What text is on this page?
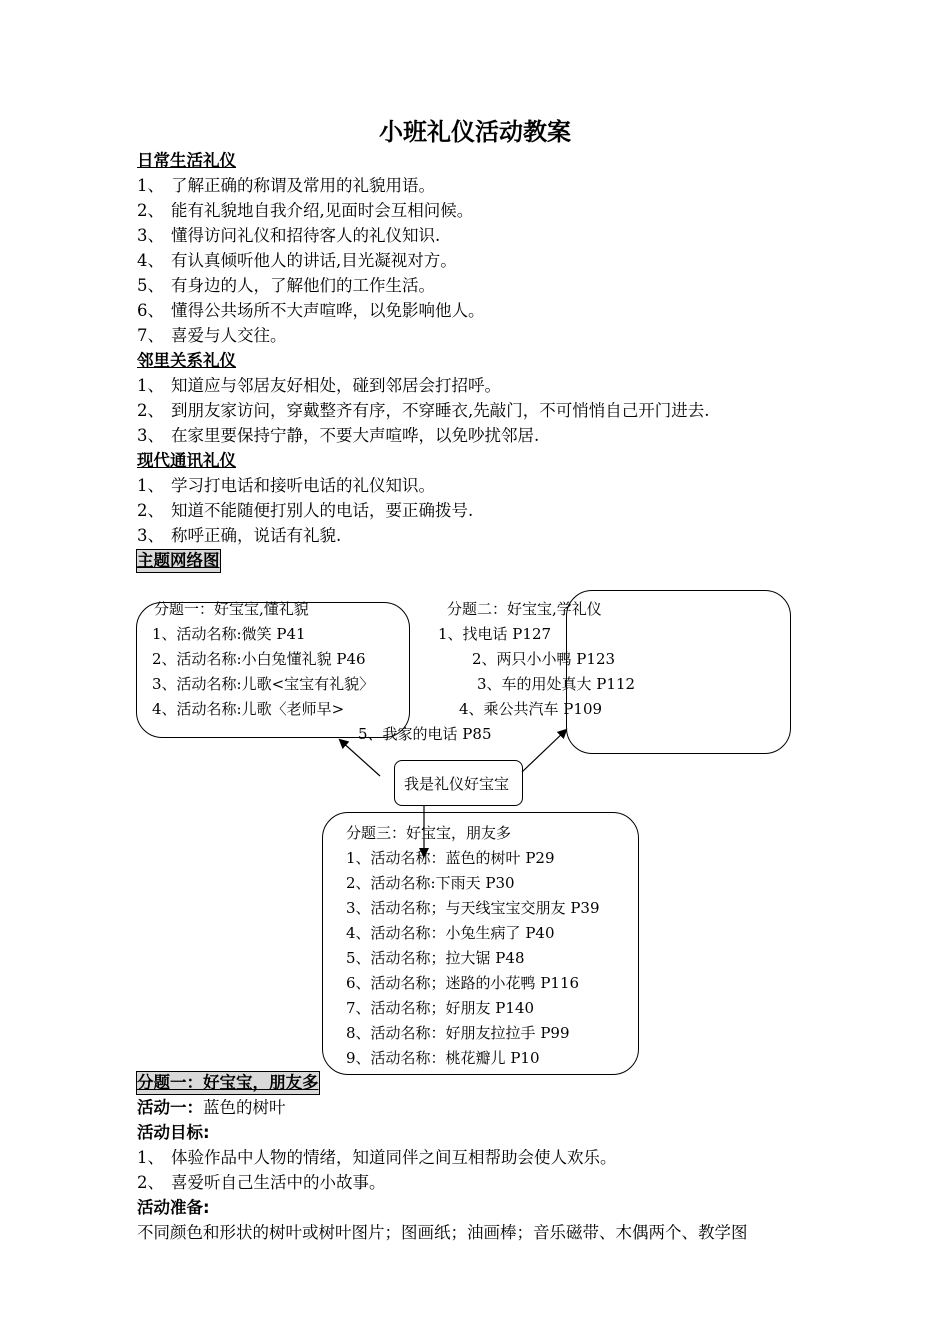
小班礼仪活动教案
日常生活礼仪
1、 了解正确的称谓及常用的礼貌用语。
2、 能有礼貌地自我介绍,见面时会互相问候。
3、 懂得访问礼仪和招待客人的礼仪知识.
4、 有认真倾听他人的讲话,目光凝视对方。
5、 有身边的人，了解他们的工作生活。
6、 懂得公共场所不大声喧哗，以免影响他人。
7、 喜爱与人交往。
邻里关系礼仪
1、 知道应与邻居友好相处，碰到邻居会打招呼。
2、 到朋友家访问，穿戴整齐有序，不穿睡衣,先敲门，不可悄悄自己开门进去.
3、 在家里要保持宁静，不要大声喧哗，以免吵扰邻居.
现代通讯礼仪
1、 学习打电话和接听电话的礼仪知识。
2、 知道不能随便打别人的电话，要正确拨号.
3、 称呼正确，说话有礼貌.
主题网络图
分题一：好宝宝,懂礼貌
1、活动名称:微笑 P41
2、活动名称:小白兔懂礼貌 P46
3、活动名称:儿歌<宝宝有礼貌〉
4、活动名称:儿歌〈老师早>
分题二：好宝宝,学礼仪
1、找电话 P127
2、两只小小鸭 P123
3、车的用处真大 P112
4、乘公共汽车 P109
5、我家的电话 P85
我是礼仪好宝宝
分题三：好宝宝，朋友多
1、活动名称：蓝色的树叶 P29
2、活动名称:下雨天 P30
3、活动名称；与天线宝宝交朋友 P39
4、活动名称：小兔生病了 P40
5、活动名称；拉大锯 P48
6、活动名称；迷路的小花鸭 P116
7、活动名称；好朋友 P140
8、活动名称：好朋友拉拉手 P99
9、活动名称：桃花瓣儿 P10
分题一：好宝宝，朋友多
活动一：蓝色的树叶
活动目标:
1、 体验作品中人物的情绪，知道同伴之间互相帮助会使人欢乐。
2、 喜爱听自己生活中的小故事。
活动准备:
不同颜色和形状的树叶或树叶图片；图画纸；油画棒；音乐磁带、木偶两个、教学图
